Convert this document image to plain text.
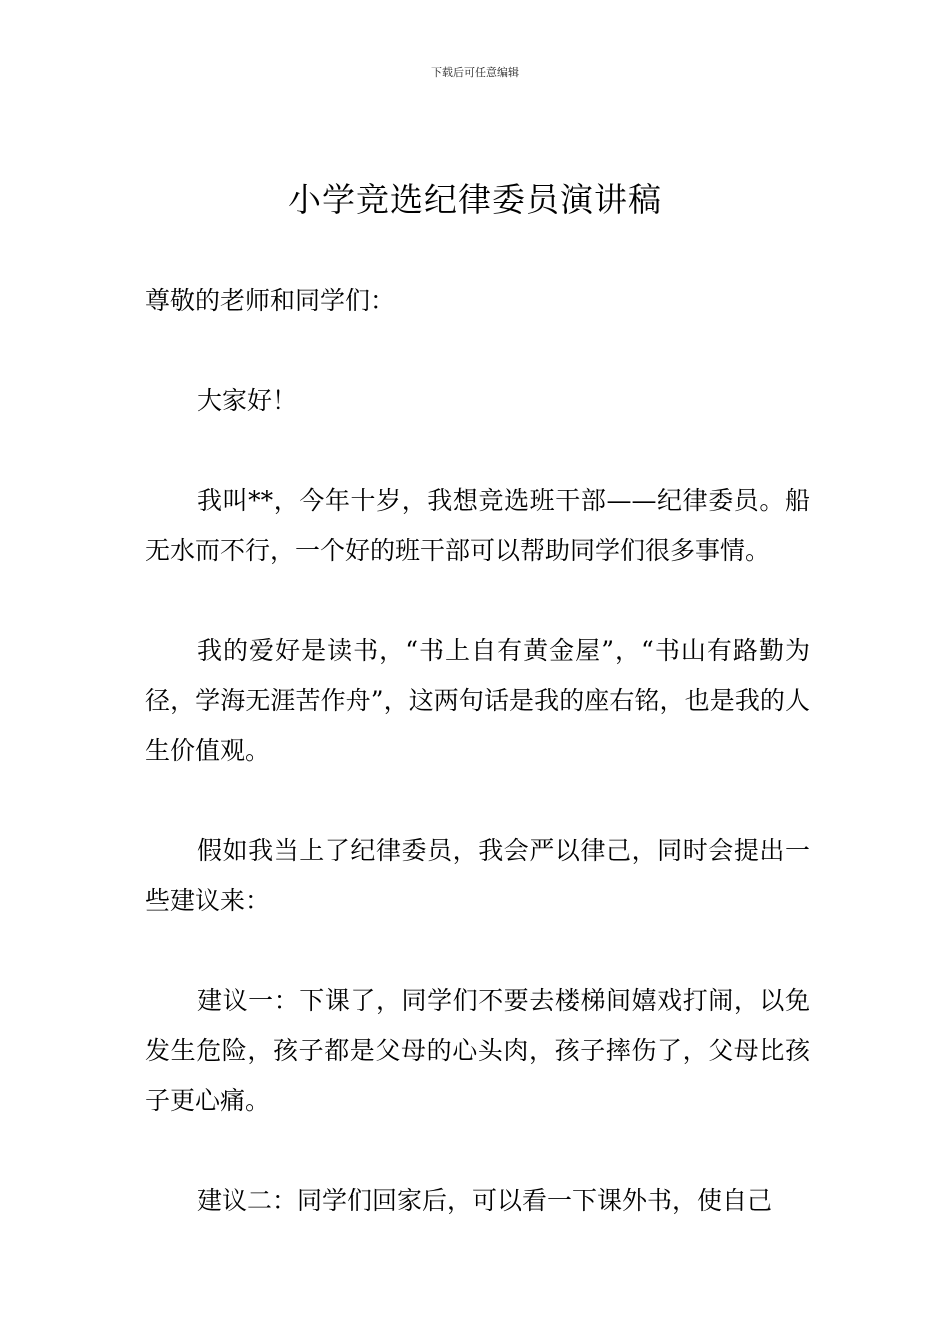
下载后可任意编辑
小学竞选纪律委员演讲稿

尊敬的老师和同学们：

大家好！

我叫**，今年十岁，我想竞选班干部——纪律委员。船无水而不行，一个好的班干部可以帮助同学们很多事情。

我的爱好是读书，“书上自有黄金屋”，“书山有路勤为径，学海无涯苦作舟”，这两句话是我的座右铭，也是我的人生价值观。

假如我当上了纪律委员，我会严以律己，同时会提出一些建议来：

建议一：下课了，同学们不要去楼梯间嬉戏打闹，以免发生危险，孩子都是父母的心头肉，孩子摔伤了，父母比孩子更心痛。

建议二：同学们回家后，可以看一下课外书，使自己
